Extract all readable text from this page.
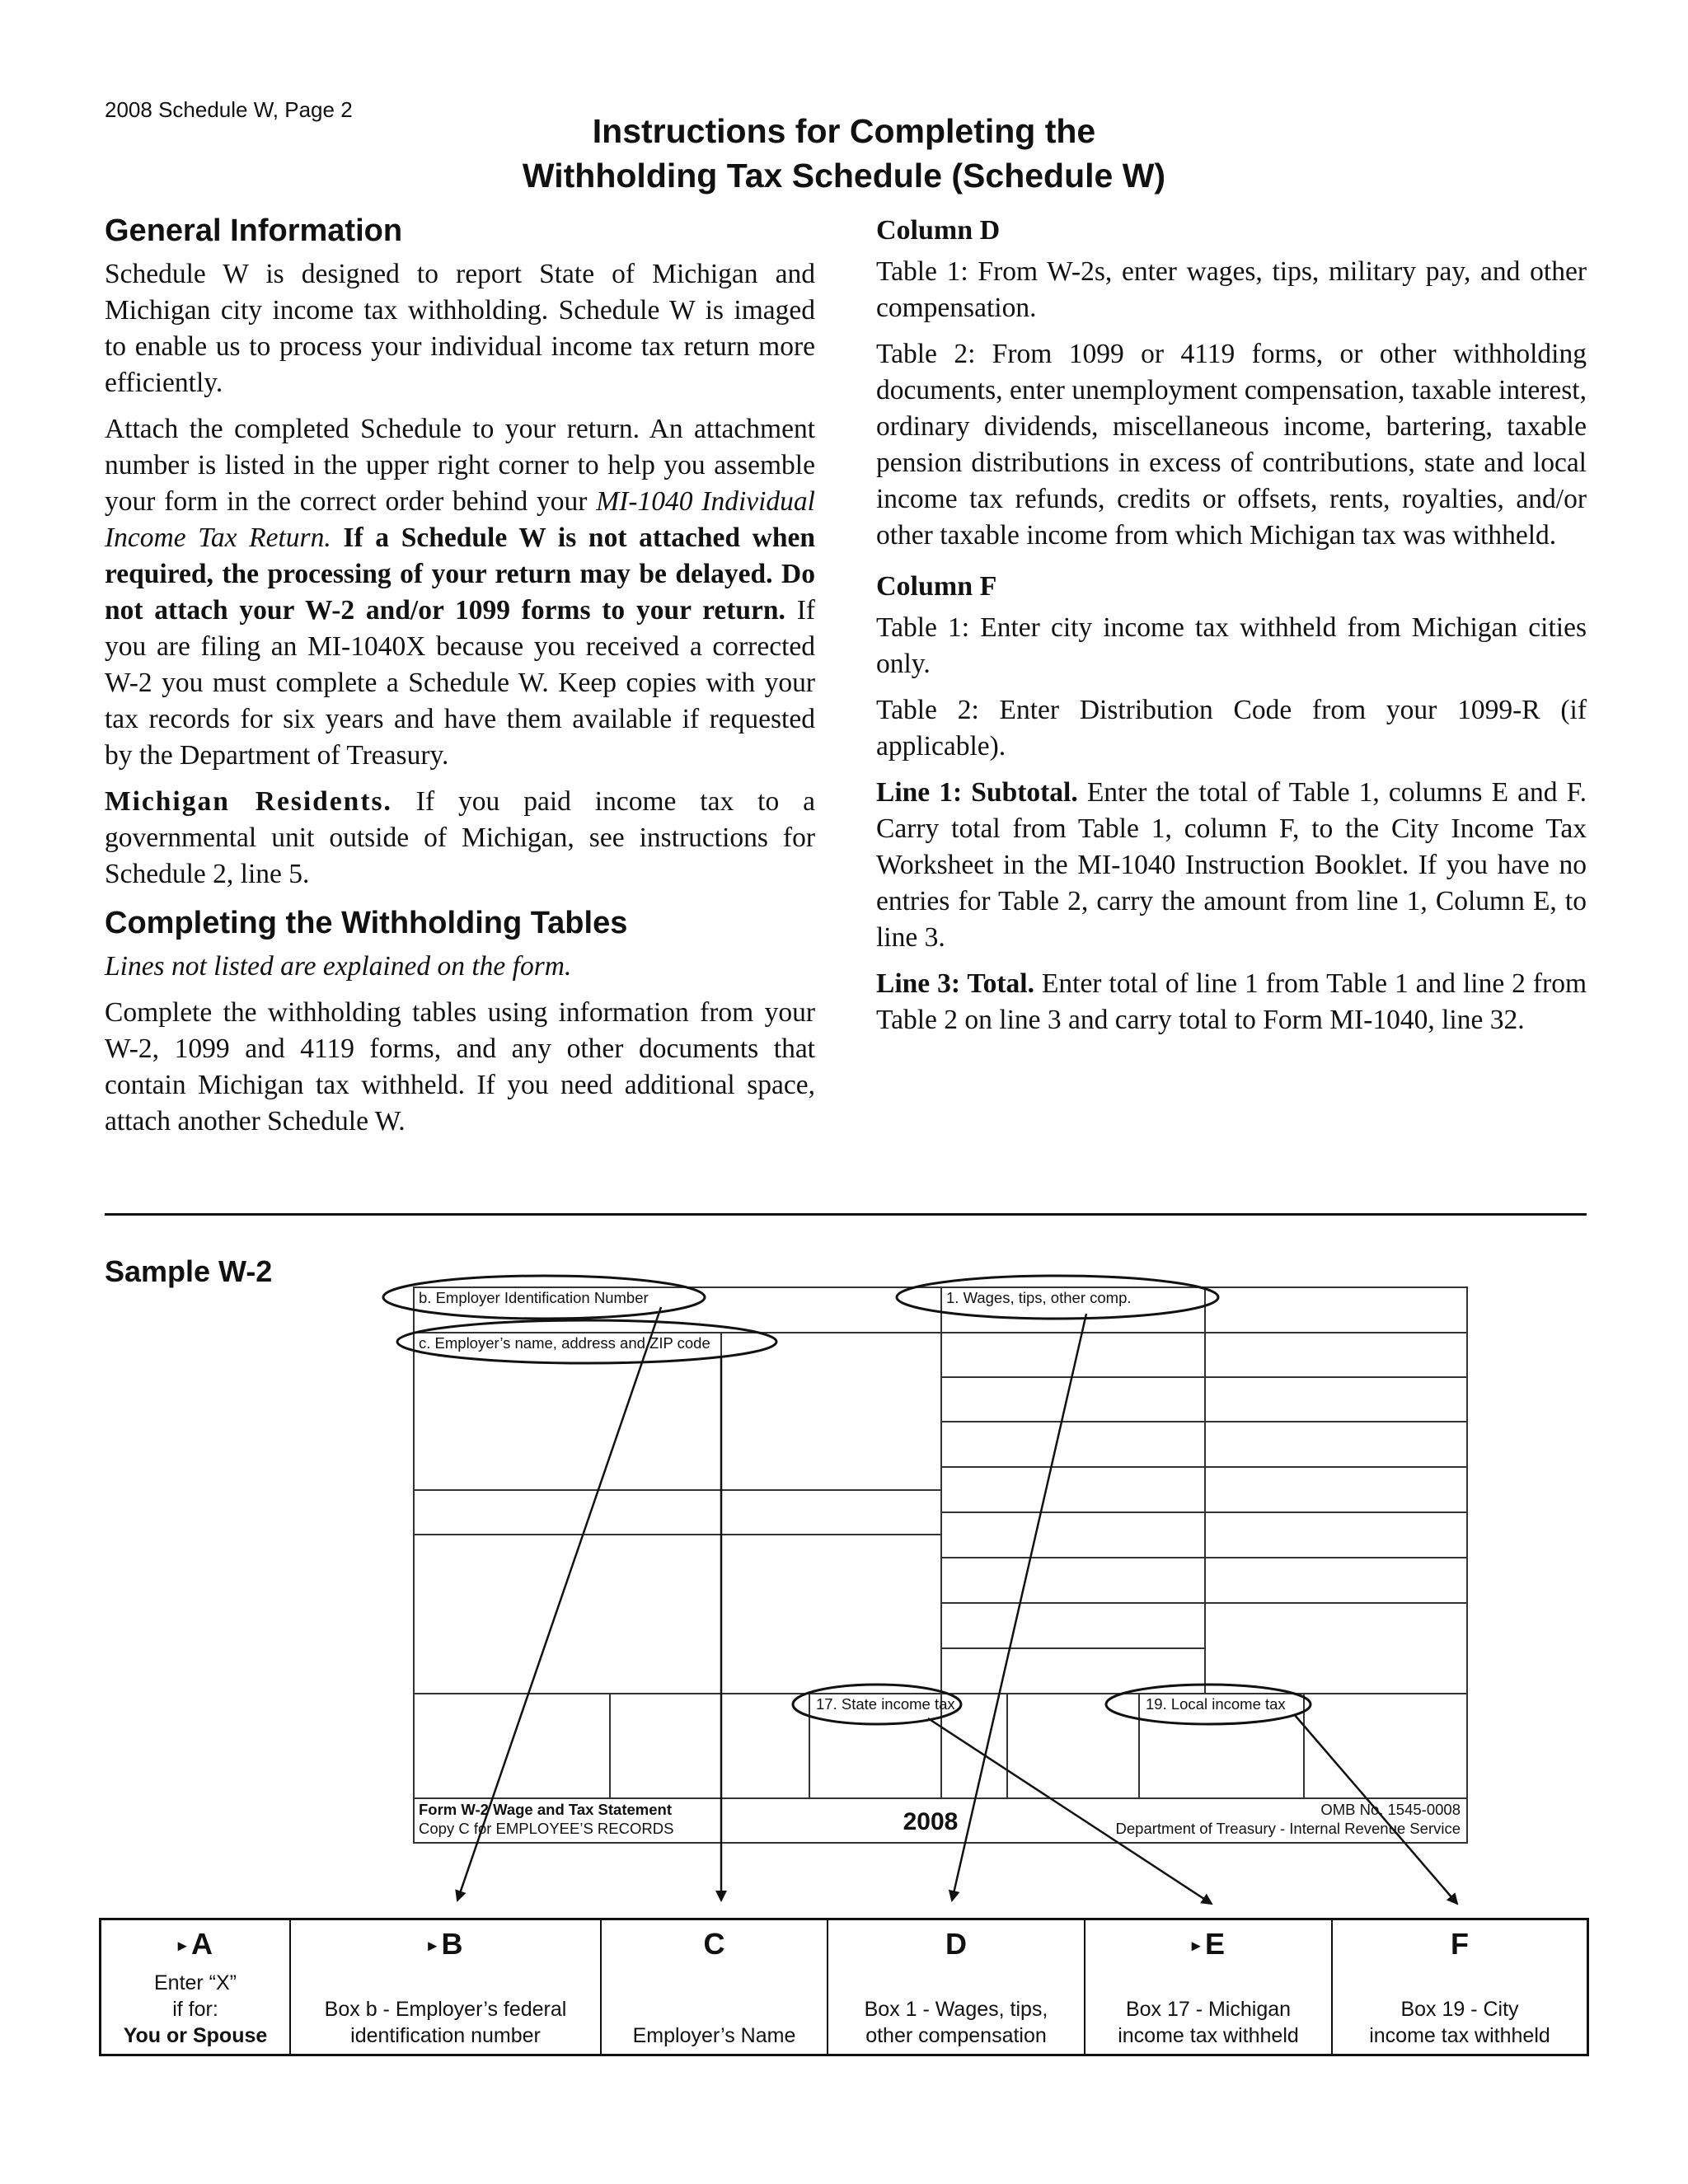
2008 Schedule W, Page 2
Instructions for Completing the
Withholding Tax Schedule (Schedule W)
General Information

Schedule W is designed to report State of Michigan and Michigan city income tax withholding. Schedule W is imaged to enable us to process your individual income tax return more efficiently.

Attach the completed Schedule to your return. An attachment number is listed in the upper right corner to help you assemble your form in the correct order behind your MI-1040 Individual Income Tax Return. If a Schedule W is not attached when required, the processing of your return may be delayed. Do not attach your W-2 and/or 1099 forms to your return. If you are filing an MI-1040X because you received a corrected W-2 you must complete a Schedule W. Keep copies with your tax records for six years and have them available if requested by the Department of Treasury.

Michigan Residents. If you paid income tax to a governmental unit outside of Michigan, see instructions for Schedule 2, line 5.

Completing the Withholding Tables

Lines not listed are explained on the form.

Complete the withholding tables using information from your W-2, 1099 and 4119 forms, and any other documents that contain Michigan tax withheld. If you need additional space, attach another Schedule W.

Column D

Table 1: From W-2s, enter wages, tips, military pay, and other compensation.

Table 2: From 1099 or 4119 forms, or other withholding documents, enter unemployment compensation, taxable interest, ordinary dividends, miscellaneous income, bartering, taxable pension distributions in excess of contributions, state and local income tax refunds, credits or offsets, rents, royalties, and/or other taxable income from which Michigan tax was withheld.

Column F

Table 1: Enter city income tax withheld from Michigan cities only.

Table 2: Enter Distribution Code from your 1099-R (if applicable).

Line 1: Subtotal. Enter the total of Table 1, columns E and F. Carry total from Table 1, column F, to the City Income Tax Worksheet in the MI-1040 Instruction Booklet. If you have no entries for Table 2, carry the amount from line 1, Column E, to line 3.

Line 3: Total. Enter total of line 1 from Table 1 and line 2 from Table 2 on line 3 and carry total to Form MI-1040, line 32.

Sample W-2
b. Employer Identification Number
c. Employer’s name, address and ZIP code
1. Wages, tips, other comp.
17. State income tax	19. Local income tax
Form W-2 Wage and Tax Statement
Copy C for EMPLOYEE’S RECORDS	2008	OMB No. 1545-0008
Department of Treasury - Internal Revenue Service
▸ A
Enter “X”
if for:
You or Spouse
▸ B
Box b - Employer’s federal
identification number
C
Employer’s Name
D
Box 1 - Wages, tips,
other compensation
▸ E
Box 17 - Michigan
income tax withheld
F
Box 19 - City
income tax withheld
